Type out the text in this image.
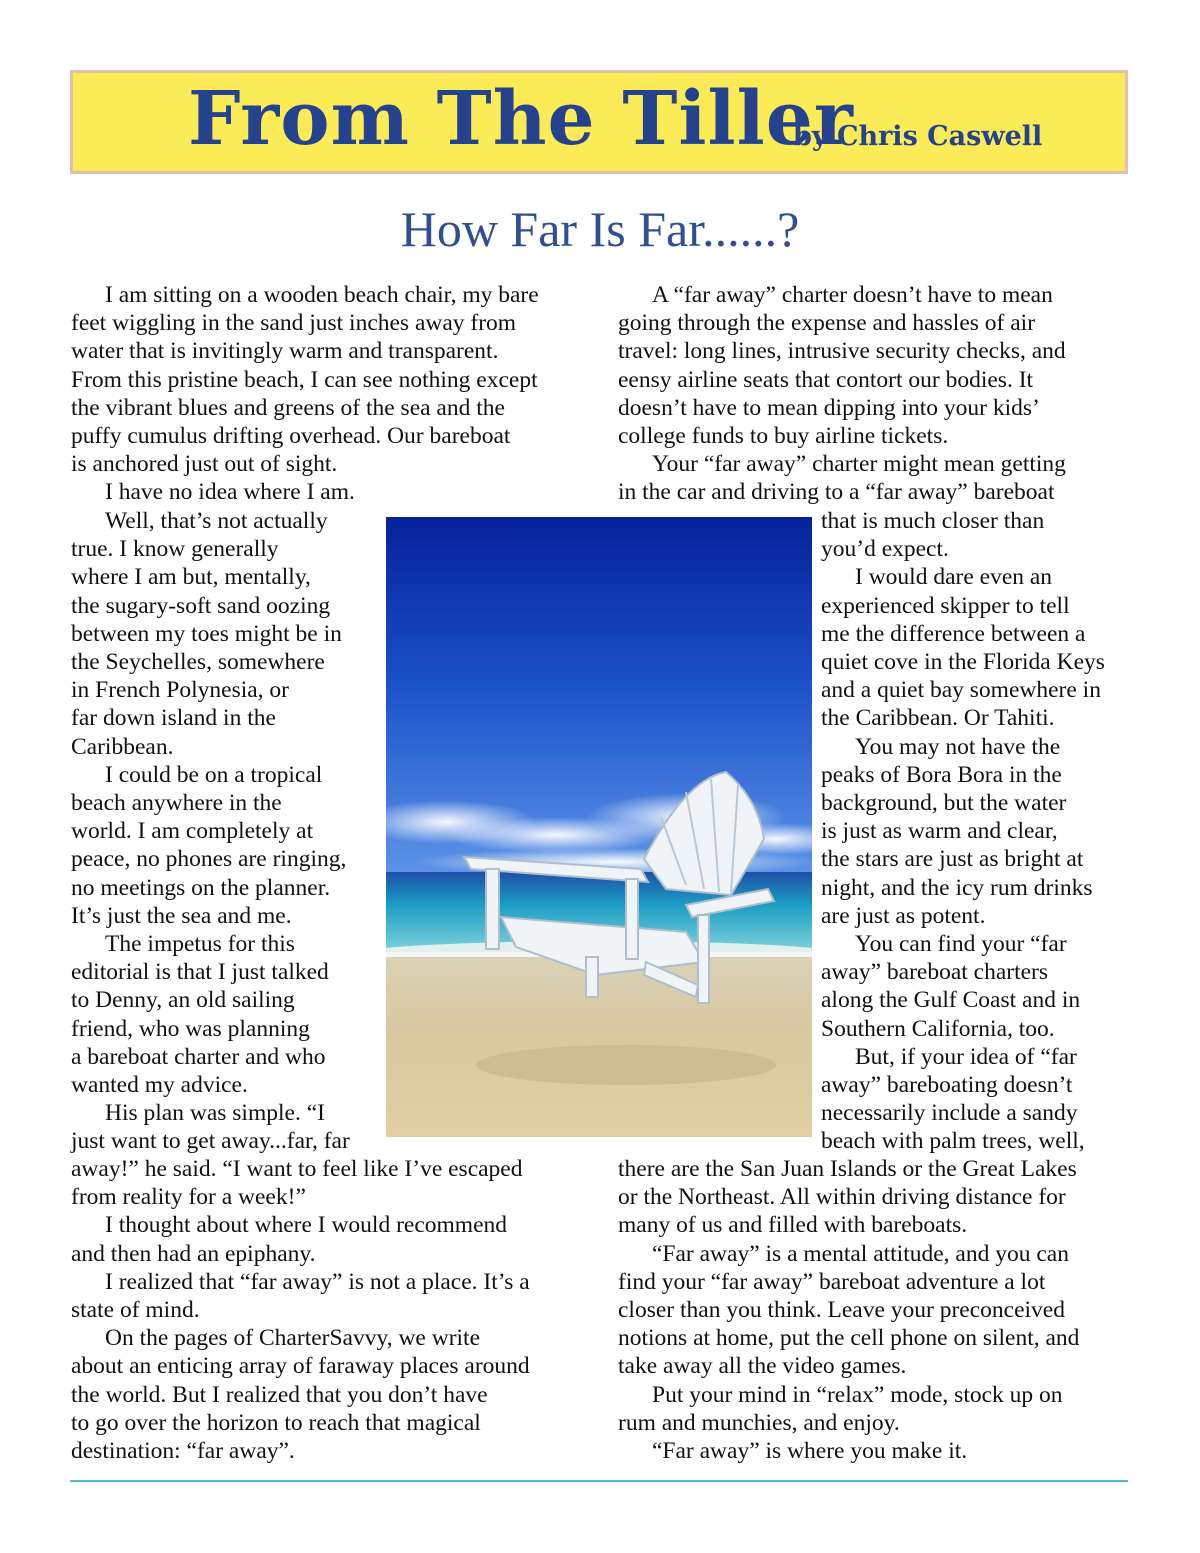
From The Tiller
by Chris Caswell
How Far Is Far......?

I am sitting on a wooden beach chair, my bare

feet wiggling in the sand just inches away from

water that is invitingly warm and transparent.

From this pristine beach, I can see nothing except

the vibrant blues and greens of the sea and the

puffy cumulus drifting overhead. Our bareboat

is anchored just out of sight.

I have no idea where I am.

Well, that’s not actually

true. I know generally

where I am but, mentally,

the sugary-soft sand oozing

between my toes might be in

the Seychelles, somewhere

in French Polynesia, or

far down island in the

Caribbean.

I could be on a tropical

beach anywhere in the

world. I am completely at

peace, no phones are ringing,

no meetings on the planner.

It’s just the sea and me.

The impetus for this

editorial is that I just talked

to Denny, an old sailing

friend, who was planning

a bareboat charter and who

wanted my advice.

His plan was simple. “I

just want to get away...far, far

away!” he said. “I want to feel like I’ve escaped

from reality for a week!”

I thought about where I would recommend

and then had an epiphany.

I realized that “far away” is not a place. It’s a

state of mind.

On the pages of CharterSavvy, we write

about an enticing array of faraway places around

the world. But I realized that you don’t have

to go over the horizon to reach that magical

destination: “far away”.

A “far away” charter doesn’t have to mean

going through the expense and hassles of air

travel: long lines, intrusive security checks, and

eensy airline seats that contort our bodies. It

doesn’t have to mean dipping into your kids’

college funds to buy airline tickets.

Your “far away” charter might mean getting

in the car and driving to a “far away” bareboat

that is much closer than

you’d expect.

I would dare even an

experienced skipper to tell

me the difference between a

quiet cove in the Florida Keys

and a quiet bay somewhere in

the Caribbean. Or Tahiti.

You may not have the

peaks of Bora Bora in the

background, but the water

is just as warm and clear,

the stars are just as bright at

night, and the icy rum drinks

are just as potent.

You can find your “far

away” bareboat charters

along the Gulf Coast and in

Southern California, too.

But, if your idea of “far

away” bareboating doesn’t

necessarily include a sandy

beach with palm trees, well,

there are the San Juan Islands or the Great Lakes

or the Northeast. All within driving distance for

many of us and filled with bareboats.

“Far away” is a mental attitude, and you can

find your “far away” bareboat adventure a lot

closer than you think. Leave your preconceived

notions at home, put the cell phone on silent, and

take away all the video games.

Put your mind in “relax” mode, stock up on

rum and munchies, and enjoy.

“Far away” is where you make it.
